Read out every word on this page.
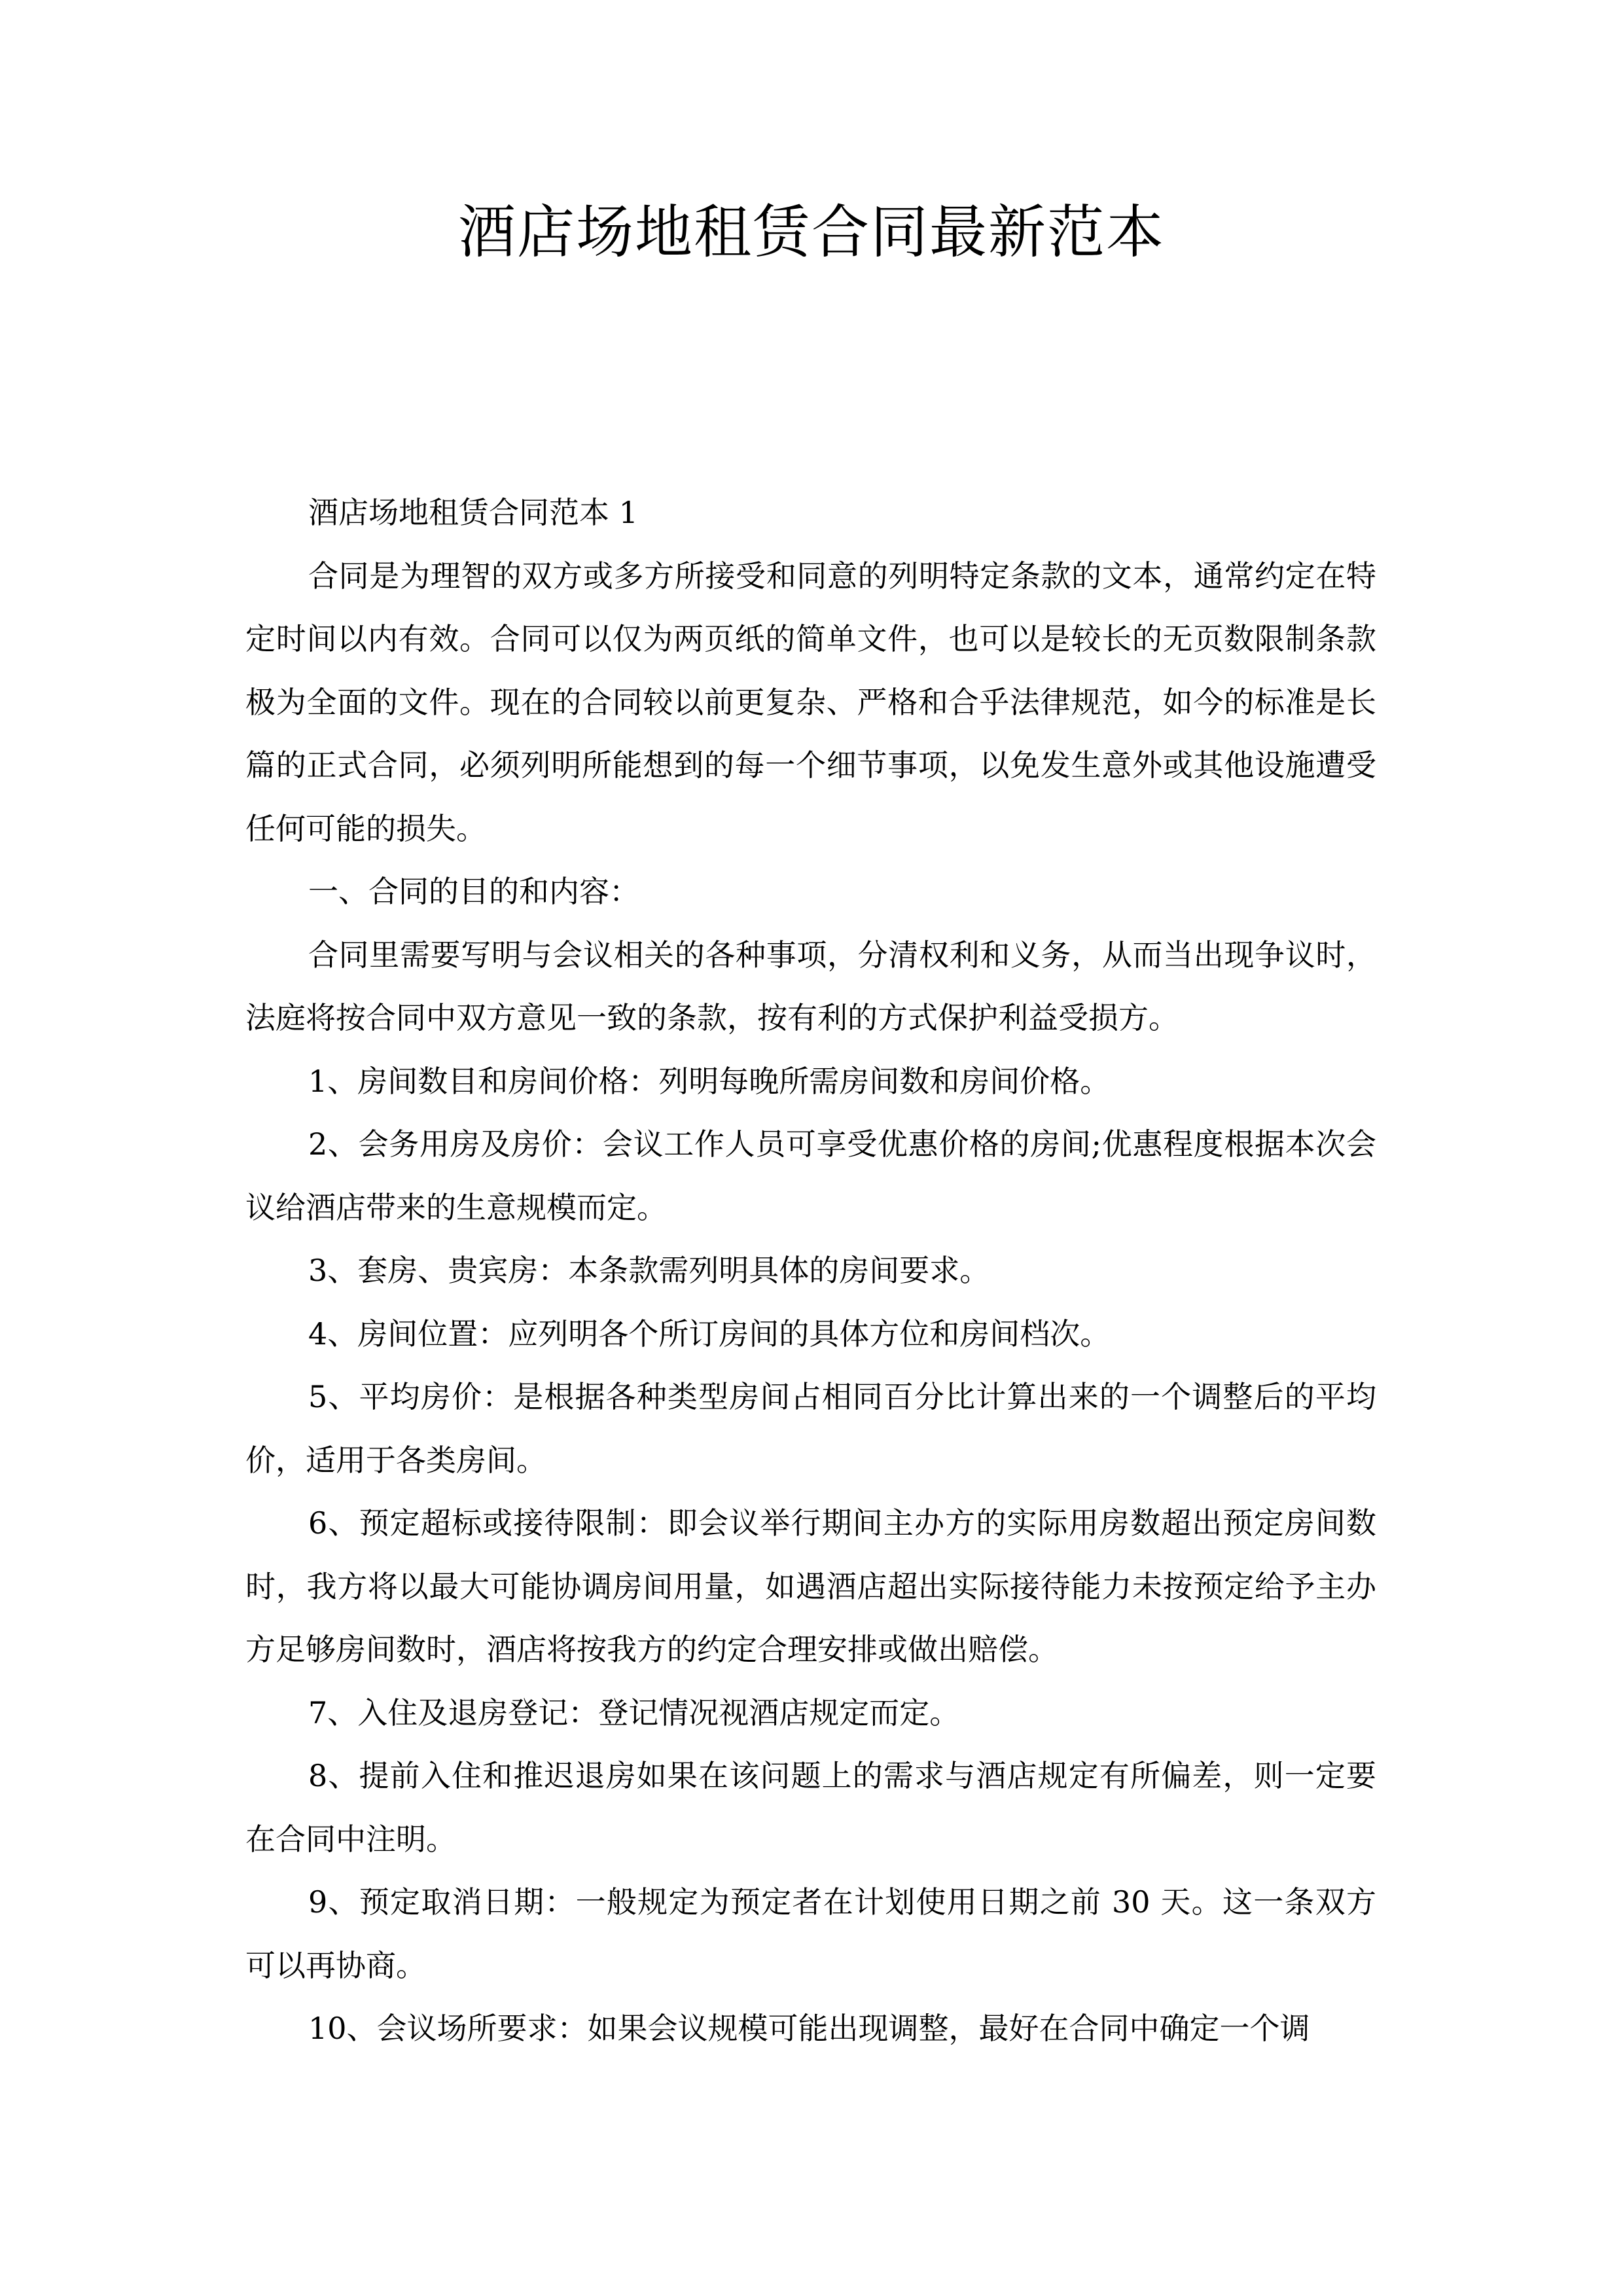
酒店场地租赁合同最新范本

酒店场地租赁合同范本 1

合同是为理智的双方或多方所接受和同意的列明特定条款的文本，通常约定在特定时间以内有效。合同可以仅为两页纸的简单文件，也可以是较长的无页数限制条款极为全面的文件。现在的合同较以前更复杂、严格和合乎法律规范，如今的标准是长篇的正式合同，必须列明所能想到的每一个细节事项，以免发生意外或其他设施遭受任何可能的损失。

一、合同的目的和内容：

合同里需要写明与会议相关的各种事项，分清权利和义务，从而当出现争议时，法庭将按合同中双方意见一致的条款，按有利的方式保护利益受损方。

1、房间数目和房间价格：列明每晚所需房间数和房间价格。

2、会务用房及房价：会议工作人员可享受优惠价格的房间;优惠程度根据本次会议给酒店带来的生意规模而定。

3、套房、贵宾房：本条款需列明具体的房间要求。

4、房间位置：应列明各个所订房间的具体方位和房间档次。

5、平均房价：是根据各种类型房间占相同百分比计算出来的一个调整后的平均价，适用于各类房间。

6、预定超标或接待限制：即会议举行期间主办方的实际用房数超出预定房间数时，我方将以最大可能协调房间用量，如遇酒店超出实际接待能力未按预定给予主办方足够房间数时，酒店将按我方的约定合理安排或做出赔偿。

7、入住及退房登记：登记情况视酒店规定而定。

8、提前入住和推迟退房如果在该问题上的需求与酒店规定有所偏差，则一定要在合同中注明。

9、预定取消日期：一般规定为预定者在计划使用日期之前 30 天。这一条双方可以再协商。

10、会议场所要求：如果会议规模可能出现调整，最好在合同中确定一个调
